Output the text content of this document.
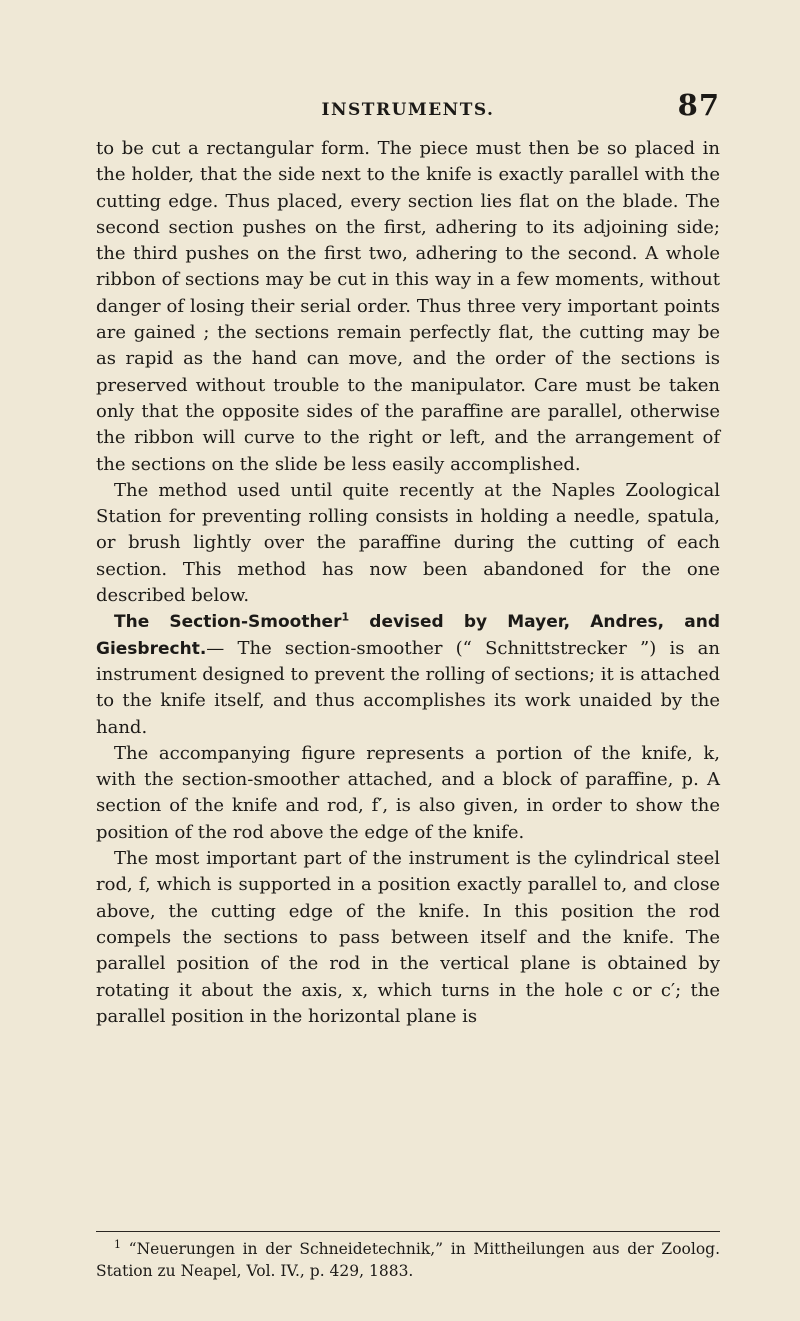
INSTRUMENTS.	87

to be cut a rectangular form. The piece must then be so placed in the holder, that the side next to the knife is exactly parallel with the cutting edge. Thus placed, every section lies flat on the blade. The second section pushes on the first, adhering to its adjoining side; the third pushes on the first two, adhering to the second. A whole ribbon of sections may be cut in this way in a few moments, without danger of losing their serial order. Thus three very important points are gained ; the sections remain perfectly flat, the cutting may be as rapid as the hand can move, and the order of the sections is preserved without trouble to the manipulator. Care must be taken only that the opposite sides of the paraffine are parallel, otherwise the ribbon will curve to the right or left, and the arrangement of the sections on the slide be less easily accomplished.

The method used until quite recently at the Naples Zoological Station for preventing rolling consists in holding a needle, spatula, or brush lightly over the paraffine during the cutting of each section. This method has now been abandoned for the one described below.

The Section-Smoother$^1$ devised by Mayer, Andres, and Giesbrecht.— The section-smoother (“ Schnittstrecker ”) is an instrument designed to prevent the rolling of sections; it is attached to the knife itself, and thus accomplishes its work unaided by the hand.

The accompanying figure represents a portion of the knife, k, with the section-smoother attached, and a block of paraffine, p. A section of the knife and rod, f′, is also given, in order to show the position of the rod above the edge of the knife.

The most important part of the instrument is the cylindrical steel rod, f, which is supported in a position exactly parallel to, and close above, the cutting edge of the knife. In this position the rod compels the sections to pass between itself and the knife. The parallel position of the rod in the vertical plane is obtained by rotating it about the axis, x, which turns in the hole c or c′; the parallel position in the horizontal plane is

$^1$ “Neuerungen in der Schneidetechnik,” in Mittheilungen aus der Zoolog. Station zu Neapel, Vol. IV., p. 429, 1883.
